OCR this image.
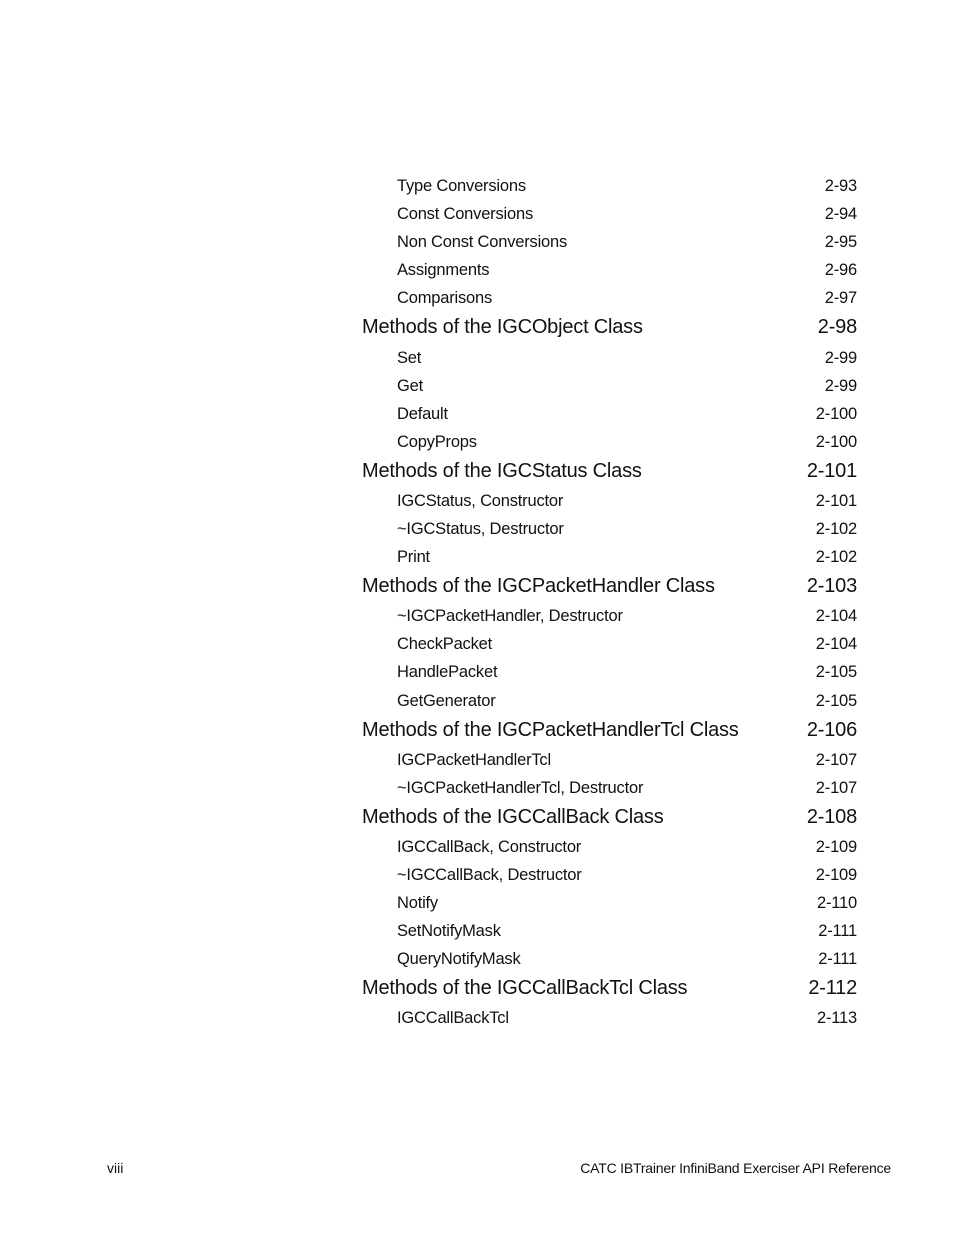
Type Conversions	2-93
Const Conversions	2-94
Non Const Conversions	2-95
Assignments	2-96
Comparisons	2-97
Methods of the IGCObject Class	2-98
Set	2-99
Get	2-99
Default	2-100
CopyProps	2-100
Methods of the IGCStatus Class	2-101
IGCStatus, Constructor	2-101
~IGCStatus, Destructor	2-102
Print	2-102
Methods of the IGCPacketHandler Class	2-103
~IGCPacketHandler, Destructor	2-104
CheckPacket	2-104
HandlePacket	2-105
GetGenerator	2-105
Methods of the IGCPacketHandlerTcl Class	2-106
IGCPacketHandlerTcl	2-107
~IGCPacketHandlerTcl, Destructor	2-107
Methods of the IGCCallBack Class	2-108
IGCCallBack, Constructor	2-109
~IGCCallBack, Destructor	2-109
Notify	2-110
SetNotifyMask	2-111
QueryNotifyMask	2-111
Methods of the IGCCallBackTcl Class	2-112
IGCCallBackTcl	2-113
viii	CATC IBTrainer InfiniBand Exerciser API Reference
